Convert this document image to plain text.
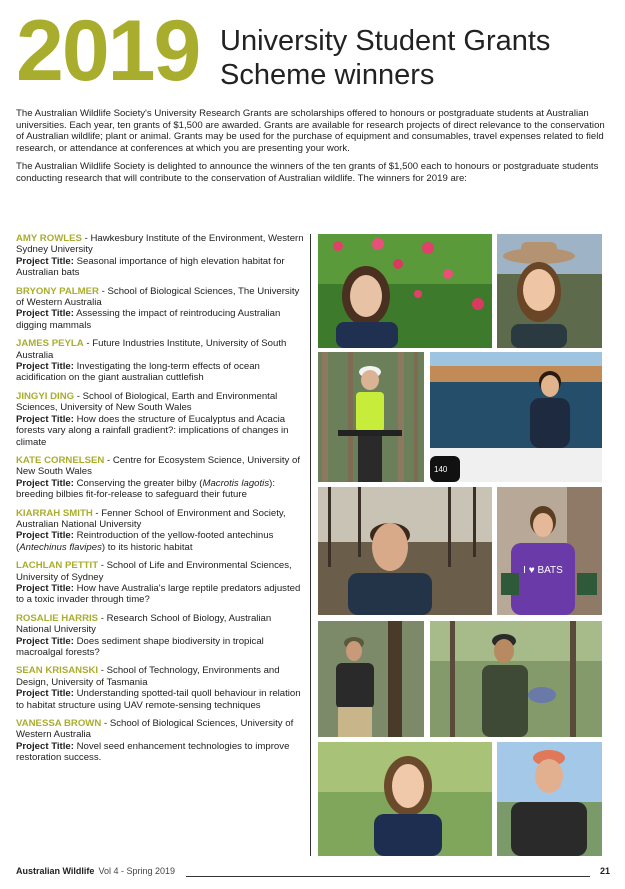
2019 University Student Grants
Scheme winners

The Australian Wildlife Society's University Research Grants are scholarships offered to honours or postgraduate students at Australian universities. Each year, ten grants of $1,500 are awarded. Grants are available for research projects of direct relevance to the conservation of Australian wildlife; plant or animal. Grants may be used for the purchase of equipment and consumables, travel expenses related to field research, or attendance at conferences at which you are presenting your work.

The Australian Wildlife Society is delighted to announce the winners of the ten grants of $1,500 each to honours or postgraduate students conducting research that will contribute to the conservation of Australian wildlife. The winners for 2019 are:

AMY ROWLES - Hawkesbury Institute of the Environment, Western Sydney University
Project Title: Seasonal importance of high elevation habitat for Australian bats
BRYONY PALMER - School of Biological Sciences, The University of Western Australia
Project Title: Assessing the impact of reintroducing Australian digging mammals
JAMES PEYLA - Future Industries Institute, University of South Australia
Project Title: Investigating the long-term effects of ocean acidification on the giant australian cuttlefish
JINGYI DING - School of Biological, Earth and Environmental Sciences, University of New South Wales
Project Title: How does the structure of Eucalyptus and Acacia forests vary along a rainfall gradient?: implications of changes in climate
KATE CORNELSEN - Centre for Ecosystem Science, University of New South Wales
Project Title: Conserving the greater bilby (Macrotis lagotis): breeding bilbies fit-for-release to safeguard their future
KIARRAH SMITH - Fenner School of Environment and Society, Australian National University
Project Title: Reintroduction of the yellow-footed antechinus (Antechinus flavipes) to its historic habitat
LACHLAN PETTIT - School of Life and Environmental Sciences, University of Sydney
Project Title: How have Australia's large reptile predators adjusted to a toxic invader through time?
ROSALIE HARRIS - Research School of Biology, Australian National University
Project Title: Does sediment shape biodiversity in tropical macroalgal forests?
SEAN KRISANSKI - School of Technology, Environments and Design, University of Tasmania
Project Title: Understanding spotted-tail quoll behaviour in relation to habitat structure using UAV remote-sensing techniques
VANESSA BROWN - School of Biological Sciences, University of Western Australia
Project Title: Novel seed enhancement technologies to improve restoration success.
140
I ♥ BATS
Australian Wildlife Vol 4 - Spring 2019	21
